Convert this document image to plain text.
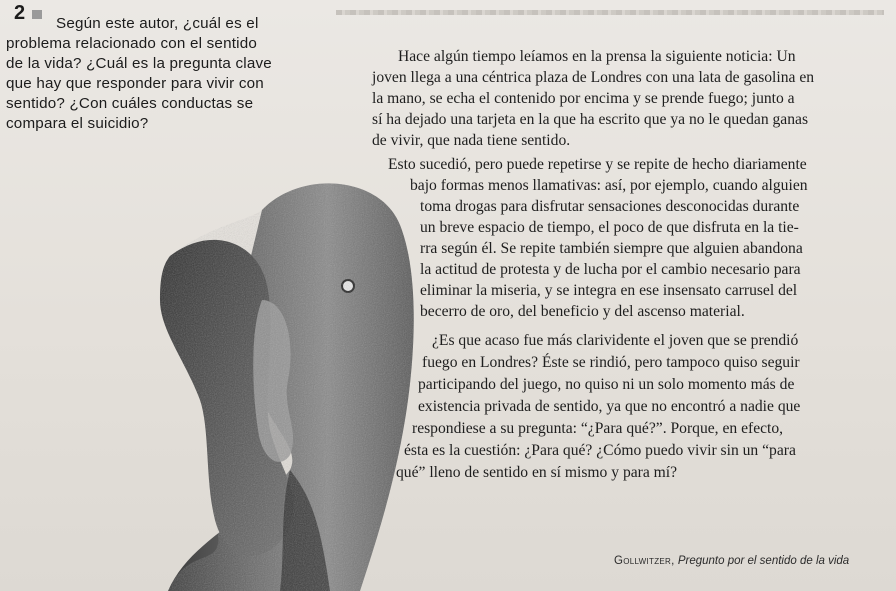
2 Según este autor, ¿cuál es el
problema relacionado con el sentido
de la vida? ¿Cuál es la pregunta clave
que hay que responder para vivir con
sentido? ¿Con cuáles conductas se
compara el suicidio?
Hace algún tiempo leíamos en la prensa la siguiente noticia: Un
joven llega a una céntrica plaza de Londres con una lata de gasolina en
la mano, se echa el contenido por encima y se prende fuego; junto a
sí ha dejado una tarjeta en la que ha escrito que ya no le quedan ganas
de vivir, que nada tiene sentido.
Esto sucedió, pero puede repetirse y se repite de hecho diariamente
bajo formas menos llamativas: así, por ejemplo, cuando alguien
toma drogas para disfrutar sensaciones desconocidas durante
un breve espacio de tiempo, el poco de que disfruta en la tie-
rra según él. Se repite también siempre que alguien abandona
la actitud de protesta y de lucha por el cambio necesario para
eliminar la miseria, y se integra en ese insensato carrusel del
becerro de oro, del beneficio y del ascenso material.
¿Es que acaso fue más clarividente el joven que se prendió
fuego en Londres? Éste se rindió, pero tampoco quiso seguir
participando del juego, no quiso ni un solo momento más de
existencia privada de sentido, ya que no encontró a nadie que
respondiese a su pregunta: “¿Para qué?”. Porque, en efecto,
ésta es la cuestión: ¿Para qué? ¿Cómo puedo vivir sin un “para
qué” lleno de sentido en sí mismo y para mí?
Gollwitzer, Pregunto por el sentido de la vida
